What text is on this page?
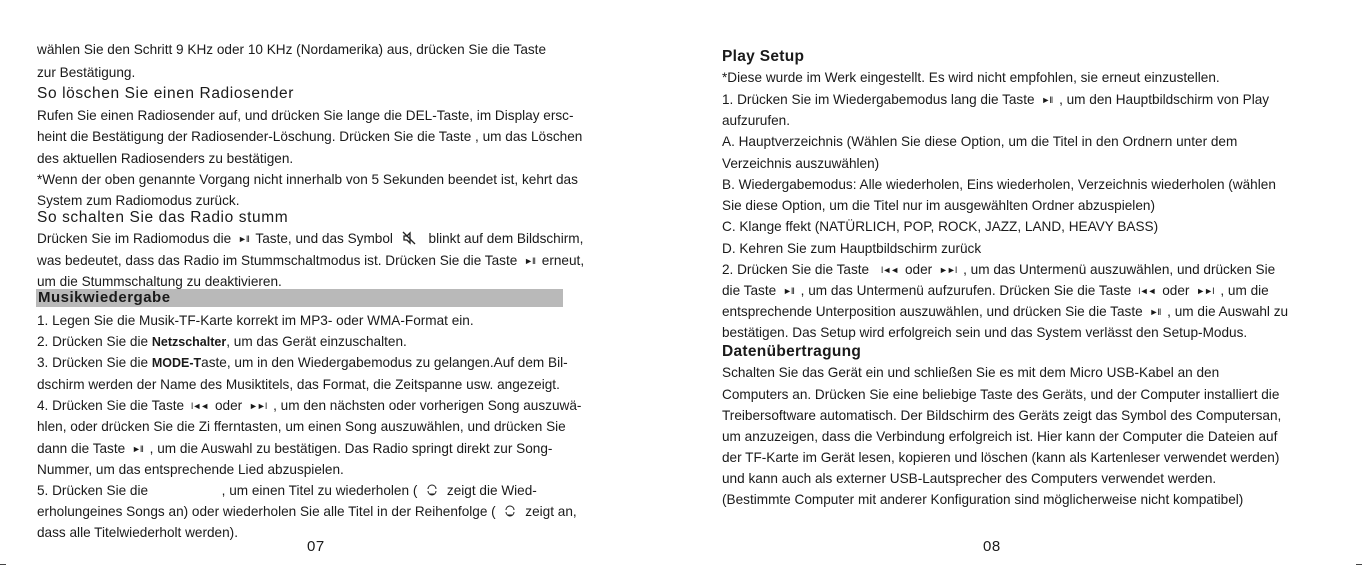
wählen Sie den Schritt 9 KHz oder 10 KHz (Nordamerika) aus, drücken Sie die Taste
zur Bestätigung.
So löschen Sie einen Radiosender
Rufen Sie einen Radiosender auf, und drücken Sie lange die DEL-Taste, im Display ersc-
heint die Bestätigung der Radiosender-Löschung. Drücken Sie die Taste , um das Löschen
des aktuellen Radiosenders zu bestätigen.
*Wenn der oben genannte Vorgang nicht innerhalb von 5 Sekunden beendet ist, kehrt das
System zum Radiomodus zurück.
So schalten Sie das Radio stumm
Drücken Sie im Radiomodus die ►II Taste, und das Symbol	blinkt auf dem Bildschirm,
was bedeutet, dass das Radio im Stummschaltmodus ist. Drücken Sie die Taste ►II erneut,
um die Stummschaltung zu deaktivieren.
Musikwiedergabe
1. Legen Sie die Musik-TF-Karte korrekt im MP3- oder WMA-Format ein.
2. Drücken Sie die Netzschalter, um das Gerät einzuschalten.
3. Drücken Sie die MODE-Taste, um in den Wiedergabemodus zu gelangen.Auf dem Bil-
dschirm werden der Name des Musiktitels, das Format, die Zeitspanne usw. angezeigt.
4. Drücken Sie die Taste I◄◄ oder ►►I , um den nächsten oder vorherigen Song auszuwä-
hlen, oder drücken Sie die Zi fferntasten, um einen Song auszuwählen, und drücken Sie
dann die Taste ►II , um die Auswahl zu bestätigen. Das Radio springt direkt zur Song-
Nummer, um das entsprechende Lied abzuspielen.
5. Drücken Sie die	, um einen Titel zu wiederholen ( zeigt die Wied-
erholungeines Songs an) oder wiederholen Sie alle Titel in der Reihenfolge ( zeigt an,
dass alle Titelwiederholt werden).
07
Play Setup
*Diese wurde im Werk eingestellt. Es wird nicht empfohlen, sie erneut einzustellen.
1. Drücken Sie im Wiedergabemodus lang die Taste ►II , um den Hauptbildschirm von Play
aufzurufen.
A. Hauptverzeichnis (Wählen Sie diese Option, um die Titel in den Ordnern unter dem
Verzeichnis auszuwählen)
B. Wiedergabemodus: Alle wiederholen, Eins wiederholen, Verzeichnis wiederholen (wählen
Sie diese Option, um die Titel nur im ausgewählten Ordner abzuspielen)
C. Klange ffekt (NATÜRLICH, POP, ROCK, JAZZ, LAND, HEAVY BASS)
D. Kehren Sie zum Hauptbildschirm zurück
2. Drücken Sie die Taste I◄◄ oder ►►I , um das Untermenü auszuwählen, und drücken Sie
die Taste ►II , um das Untermenü aufzurufen. Drücken Sie die Taste I◄◄ oder ►►I , um die
entsprechende Unterposition auszuwählen, und drücken Sie die Taste ►II , um die Auswahl zu
bestätigen. Das Setup wird erfolgreich sein und das System verlässt den Setup-Modus.
Datenübertragung
Schalten Sie das Gerät ein und schließen Sie es mit dem Micro USB-Kabel an den
Computers an. Drücken Sie eine beliebige Taste des Geräts, und der Computer installiert die
Treibersoftware automatisch. Der Bildschirm des Geräts zeigt das Symbol des Computersan,
um anzuzeigen, dass die Verbindung erfolgreich ist. Hier kann der Computer die Dateien auf
der TF-Karte im Gerät lesen, kopieren und löschen (kann als Kartenleser verwendet werden)
und kann auch als externer USB-Lautsprecher des Computers verwendet werden.
(Bestimmte Computer mit anderer Konfiguration sind möglicherweise nicht kompatibel)
08
